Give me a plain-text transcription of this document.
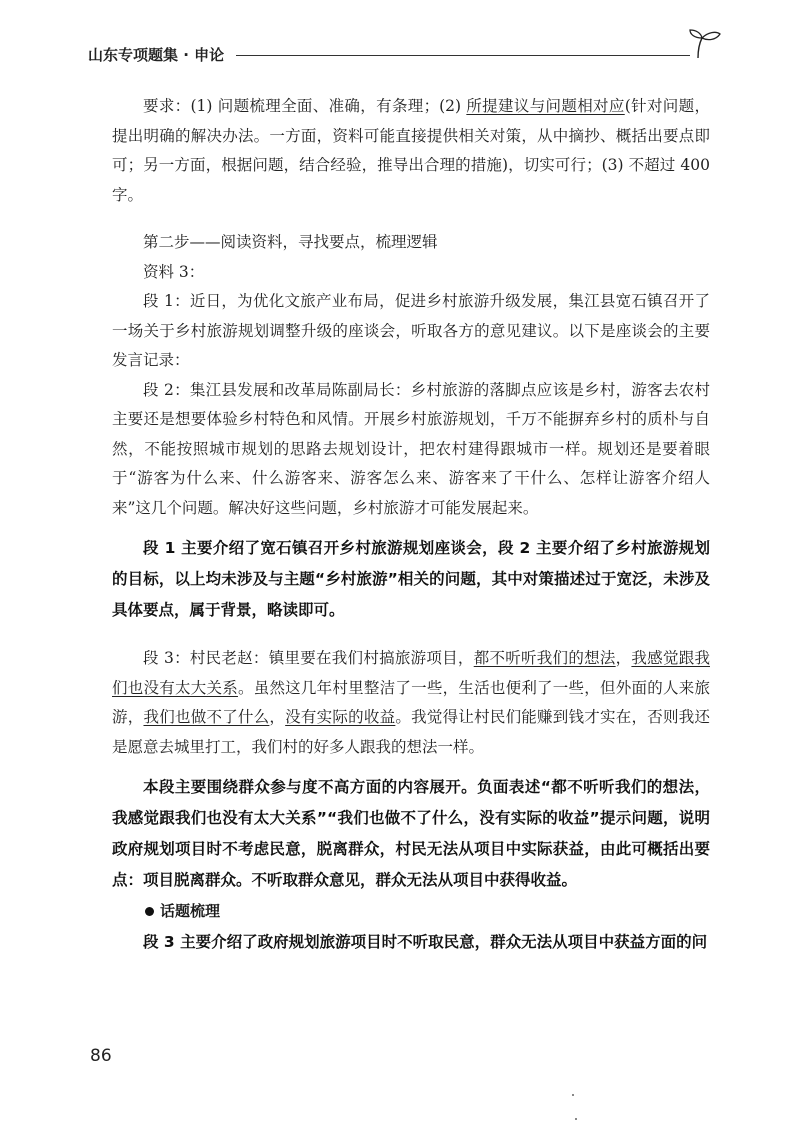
山东专项题集 · 申论

要求：(1) 问题梳理全面、准确，有条理；(2) 所提建议与问题相对应(针对问题，提出明确的解决办法。一方面，资料可能直接提供相关对策，从中摘抄、概括出要点即可；另一方面，根据问题，结合经验，推导出合理的措施)，切实可行；(3) 不超过 400 字。

第二步——阅读资料，寻找要点，梳理逻辑

资料 3：

段 1：近日，为优化文旅产业布局，促进乡村旅游升级发展，集江县宽石镇召开了一场关于乡村旅游规划调整升级的座谈会，听取各方的意见建议。以下是座谈会的主要发言记录：

段 2：集江县发展和改革局陈副局长：乡村旅游的落脚点应该是乡村，游客去农村主要还是想要体验乡村特色和风情。开展乡村旅游规划，千万不能摒弃乡村的质朴与自然，不能按照城市规划的思路去规划设计，把农村建得跟城市一样。规划还是要着眼于“游客为什么来、什么游客来、游客怎么来、游客来了干什么、怎样让游客介绍人来”这几个问题。解决好这些问题，乡村旅游才可能发展起来。

段 1 主要介绍了宽石镇召开乡村旅游规划座谈会，段 2 主要介绍了乡村旅游规划的目标，以上均未涉及与主题“乡村旅游”相关的问题，其中对策描述过于宽泛，未涉及具体要点，属于背景，略读即可。

段 3：村民老赵：镇里要在我们村搞旅游项目，都不听听我们的想法，我感觉跟我们也没有太大关系。虽然这几年村里整洁了一些，生活也便利了一些，但外面的人来旅游，我们也做不了什么，没有实际的收益。我觉得让村民们能赚到钱才实在，否则我还是愿意去城里打工，我们村的好多人跟我的想法一样。

本段主要围绕群众参与度不高方面的内容展开。负面表述“都不听听我们的想法，我感觉跟我们也没有太大关系”“我们也做不了什么，没有实际的收益”提示问题，说明政府规划项目时不考虑民意，脱离群众，村民无法从项目中实际获益，由此可概括出要点：项目脱离群众。不听取群众意见，群众无法从项目中获得收益。

话题梳理

段 3 主要介绍了政府规划旅游项目时不听取民意，群众无法从项目中获益方面的问

86
